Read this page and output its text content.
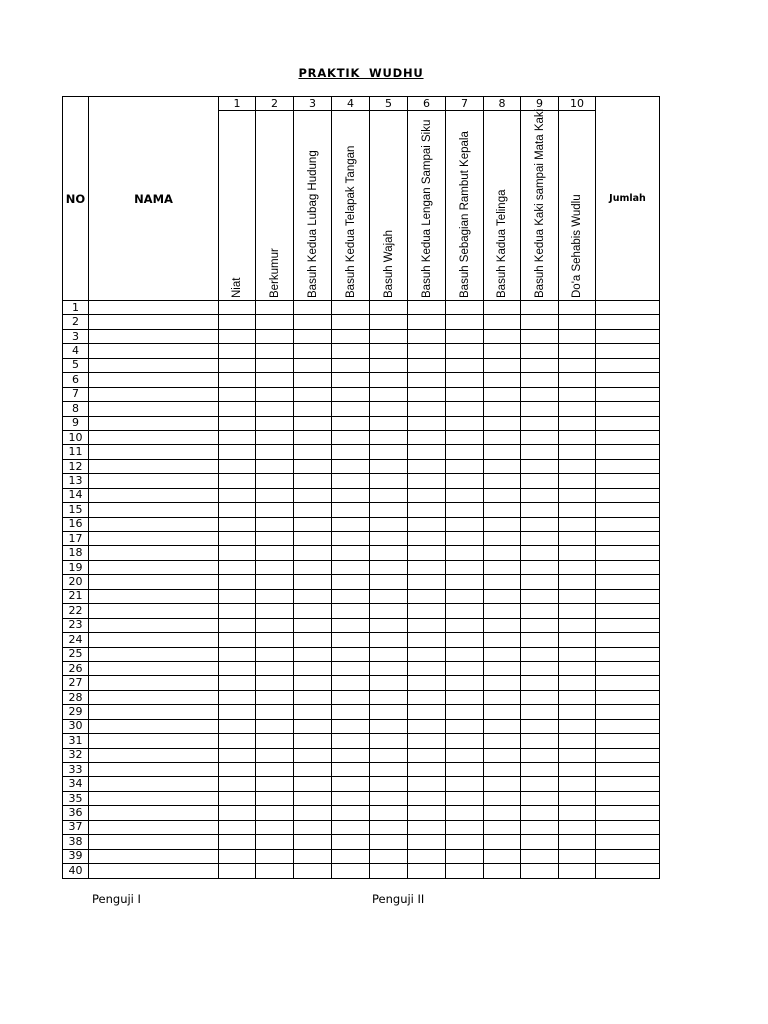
PRAKTIK WUDHU
NO	NAMA	1	2	3	4	5	6	7	8	9	10	Jumlah

		Niat	Berkumur	Basuh Kedua Lubag Hudung	Basuh Kedua Telapak Tangan	Basuh Wajah	Basuh Kedua Lengan Sampai Siku	Basuh Sebagian Rambut Kepala	Basuh Kadua Telinga	Basuh Kedua Kaki sampai Mata Kaki	Do'a Sehabis Wudlu	

1												
2												
3												
4												
5												
6												
7												
8												
9												
10												
11												
12												
13												
14												
15												
16												
17												
18												
19												
20												
21												
22												
23												
24												
25												
26												
27												
28												
29												
30												
31												
32												
33												
34												
35												
36												
37												
38												
39												
40												
Penguji I	Penguji II
